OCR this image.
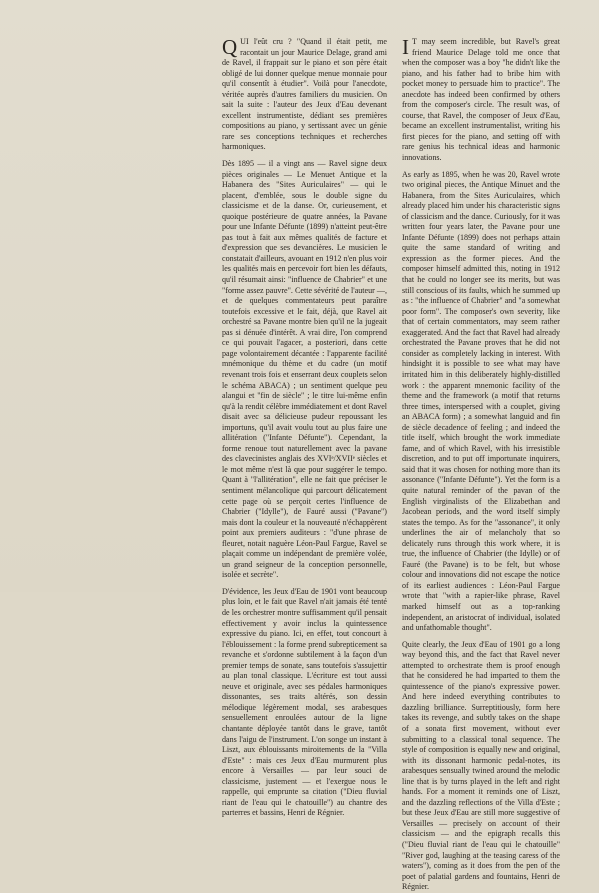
QUI l'eût cru ? "Quand il était petit, me racontait un jour Maurice Delage, grand ami de Ravel, il frappait sur le piano et son père était obligé de lui donner quelque menue monnaie pour qu'il consentît à étudier". Voilà pour l'anecdote, véritée auprès d'autres familiers du musicien. On sait la suite : l'auteur des Jeux d'Eau devenant excellent instrumentiste, dédiant ses premières compositions au piano, y sertissant avec un génie rare ses conceptions techniques et recherches harmoniques.

Dès 1895 — il a vingt ans — Ravel signe deux pièces originales — Le Menuet Antique et la Habanera des "Sites Auriculaires" — qui le placent, d'emblée, sous le double signe du classicisme et de la danse. Or, curieusement, et quoique postérieure de quatre années, la Pavane pour une Infante Défunte (1899) n'atteint peut-être pas tout à fait aux mêmes qualités de facture et d'expression que ses devancières. Le musicien le constatait d'ailleurs, avouant en 1912 n'en plus voir les qualités mais en percevoir fort bien les défauts, qu'il résumait ainsi: "influence de Chabrier" et une "forme assez pauvre". Cette sévérité de l'auteur —, et de quelques commentateurs peut paraître toutefois excessive et le fait, déjà, que Ravel ait orchestré sa Pavane montre bien qu'il ne la jugeait pas si dénuée d'intérêt. A vrai dire, l'on comprend ce qui pouvait l'agacer, a posteriori, dans cette page volontairement décantée : l'apparente facilité mnémonique du thème et du cadre (un motif revenant trois fois et enserrant deux couplets selon le schéma ABACA) ; un sentiment quelque peu alangui et "fin de siècle" ; le titre lui-même enfin qu'à la rendit célèbre immédiatement et dont Ravel disait avec sa délicieuse pudeur repoussant les importuns, qu'il avait voulu tout au plus faire une allitération ("Infante Défunte"). Cependant, la forme renoue tout naturellement avec la pavane des clavecinistes anglais des XVIᵉ/XVIIᵉ siècles et le mot même n'est là que pour suggérer le tempo. Quant à "l'allitération", elle ne fait que préciser le sentiment mélancolique qui parcourt délicatement cette page où se perçoit certes l'influence de Chabrier ("Idylle"), de Fauré aussi ("Pavane") mais dont la couleur et la nouveauté n'échappèrent point aux premiers auditeurs : "d'une phrase de fleuret, notait naguère Léon-Paul Fargue, Ravel se plaçait comme un indépendant de première volée, un grand seigneur de la conception personnelle, isolée et secrète".

D'évidence, les Jeux d'Eau de 1901 vont beaucoup plus loin, et le fait que Ravel n'ait jamais été tenté de les orchestrer montre suffisamment qu'il pensait effectivement y avoir inclus la quintessence expressive du piano. Ici, en effet, tout concourt à l'éblouissement : la forme prend subrepticement sa revanche et s'ordonne subtilement à la façon d'un premier temps de sonate, sans toutefois s'assujettir au plan tonal classique. L'écriture est tout aussi neuve et originale, avec ses pédales harmoniques dissonantes, ses traits altérés, son dessin mélodique légèrement modal, ses arabesques sensuellement enroulées autour de la ligne chantante déployée tantôt dans le grave, tantôt dans l'aigu de l'instrument. L'on songe un instant à Liszt, aux éblouissants miroitements de la "Villa d'Este" : mais ces Jeux d'Eau murmurent plus encore à Versailles — par leur souci de classicisme, justement — et l'exergue nous le rappelle, qui emprunte sa citation ("Dieu fluvial riant de l'eau qui le chatouille") au chantre des parterres et bassins, Henri de Régnier.

I T may seem incredible, but Ravel's great friend Maurice Delage told me once that when the composer was a boy "he didn't like the piano, and his father had to bribe him with pocket money to persuade him to practice". The anecdote has indeed been confirmed by others from the composer's circle. The result was, of course, that Ravel, the composer of Jeux d'Eau, became an excellent instrumentalist, writing his first pieces for the piano, and setting off with rare genius his technical ideas and harmonic innovations.

As early as 1895, when he was 20, Ravel wrote two original pieces, the Antique Minuet and the Habanera, from the Sites Auriculaires, which already placed him under his characteristic signs of classicism and the dance. Curiously, for it was written four years later, the Pavane pour une Infante Défunte (1899) does not perhaps attain quite the same standard of writing and expression as the former pieces. And the composer himself admitted this, noting in 1912 that he could no longer see its merits, but was still conscious of its faults, which he summed up as : "the influence of Chabrier" and "a somewhat poor form". The composer's own severity, like that of certain commentators, may seem rather exaggerated. And the fact that Ravel had already orchestrated the Pavane proves that he did not consider as completely lacking in interest. With hindsight it is possible to see what may have irritated him in this deliberately highly-distilled work : the apparent mnemonic facility of the theme and the framework (a motif that returns three times, interspersed with a couplet, giving an ABACA form) ; a somewhat languid and fin de siècle decadence of feeling ; and indeed the title itself, which brought the work immediate fame, and of which Ravel, with his irresistible discretion, and to put off importunate inquirers, said that it was chosen for nothing more than its assonance ("Infante Défunte"). Yet the form is a quite natural reminder of the pavan of the English virginalists of the Elizabethan and Jacobean periods, and the word itself simply states the tempo. As for the "assonance", it only underlines the air of melancholy that so delicately runs through this work where, it is true, the influence of Chabrier (the Idylle) or of Fauré (the Pavane) is to be felt, but whose colour and innovations did not escape the notice of its earliest audiences : Léon-Paul Fargue wrote that "with a rapier-like phrase, Ravel marked himself out as a top-ranking independent, an aristocrat of individual, isolated and unfathomable thought".

Quite clearly, the Jeux d'Eau of 1901 go a long way beyond this, and the fact that Ravel never attempted to orchestrate them is proof enough that he considered he had imparted to them the quintessence of the piano's expressive power. And here indeed everything contributes to dazzling brilliance. Surreptitiously, form here takes its revenge, and subtly takes on the shape of a sonata first movement, without ever submitting to a classical tonal sequence. The style of composition is equally new and original, with its dissonant harmonic pedal-notes, its arabesques sensually twined around the melodic line that is by turns played in the left and right hands. For a moment it reminds one of Liszt, and the dazzling reflections of the Villa d'Este ; but these Jeux d'Eau are still more suggestive of Versailles — precisely on account of their classicism — and the epigraph recalls this ("Dieu fluvial riant de l'eau qui le chatouille" "River god, laughing at the teasing caress of the waters"), coming as it does from the pen of the poet of palatial gardens and fountains, Henri de Régnier.
